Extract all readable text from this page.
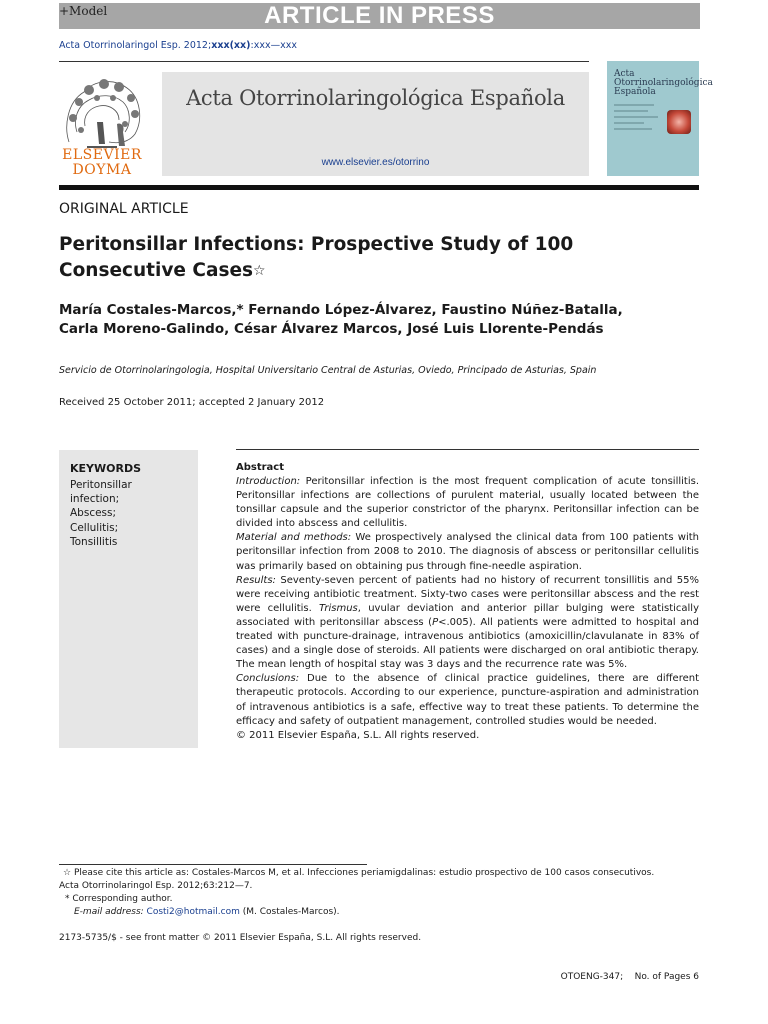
ARTICLE IN PRESS
+Model
Acta Otorrinolaringol Esp. 2012;xxx(xx):xxx—xxx
ELSEVIER
DOYMA
Acta Otorrinolaringológica Española
www.elsevier.es/otorrino
Acta Otorrinolaringológica Española
ORIGINAL ARTICLE
Peritonsillar Infections: Prospective Study of 100 Consecutive Cases☆
María Costales-Marcos,* Fernando López-Álvarez, Faustino Núñez-Batalla,
Carla Moreno-Galindo, César Álvarez Marcos, José Luis Llorente-Pendás
Servicio de Otorrinolaringologia, Hospital Universitario Central de Asturias, Oviedo, Principado de Asturias, Spain
Received 25 October 2011; accepted 2 January 2012
KEYWORDS
Peritonsillar
infection;
Abscess;
Cellulitis;
Tonsillitis
Abstract

Introduction: Peritonsillar infection is the most frequent complication of acute tonsillitis. Peritonsillar infections are collections of purulent material, usually located between the tonsillar capsule and the superior constrictor of the pharynx. Peritonsillar infection can be divided into abscess and cellulitis.

Material and methods: We prospectively analysed the clinical data from 100 patients with peritonsillar infection from 2008 to 2010. The diagnosis of abscess or peritonsillar cellulitis was primarily based on obtaining pus through fine-needle aspiration.

Results: Seventy-seven percent of patients had no history of recurrent tonsillitis and 55% were receiving antibiotic treatment. Sixty-two cases were peritonsillar abscess and the rest were cellulitis. Trismus, uvular deviation and anterior pillar bulging were statistically associated with peritonsillar abscess (P<.005). All patients were admitted to hospital and treated with puncture-drainage, intravenous antibiotics (amoxicillin/clavulanate in 83% of cases) and a single dose of steroids. All patients were discharged on oral antibiotic therapy. The mean length of hospital stay was 3 days and the recurrence rate was 5%.

Conclusions: Due to the absence of clinical practice guidelines, there are different therapeutic protocols. According to our experience, puncture-aspiration and administration of intravenous antibiotics is a safe, effective way to treat these patients. To determine the efficacy and safety of outpatient management, controlled studies would be needed.

© 2011 Elsevier España, S.L. All rights reserved.

☆ Please cite this article as: Costales-Marcos M, et al. Infecciones periamigdalinas: estudio prospectivo de 100 casos consecutivos.
Acta Otorrinolaringol Esp. 2012;63:212—7.
* Corresponding author.
E-mail address: Costi2@hotmail.com (M. Costales-Marcos).
2173-5735/$ - see front matter © 2011 Elsevier España, S.L. All rights reserved.
OTOENG-347;    No. of Pages 6
